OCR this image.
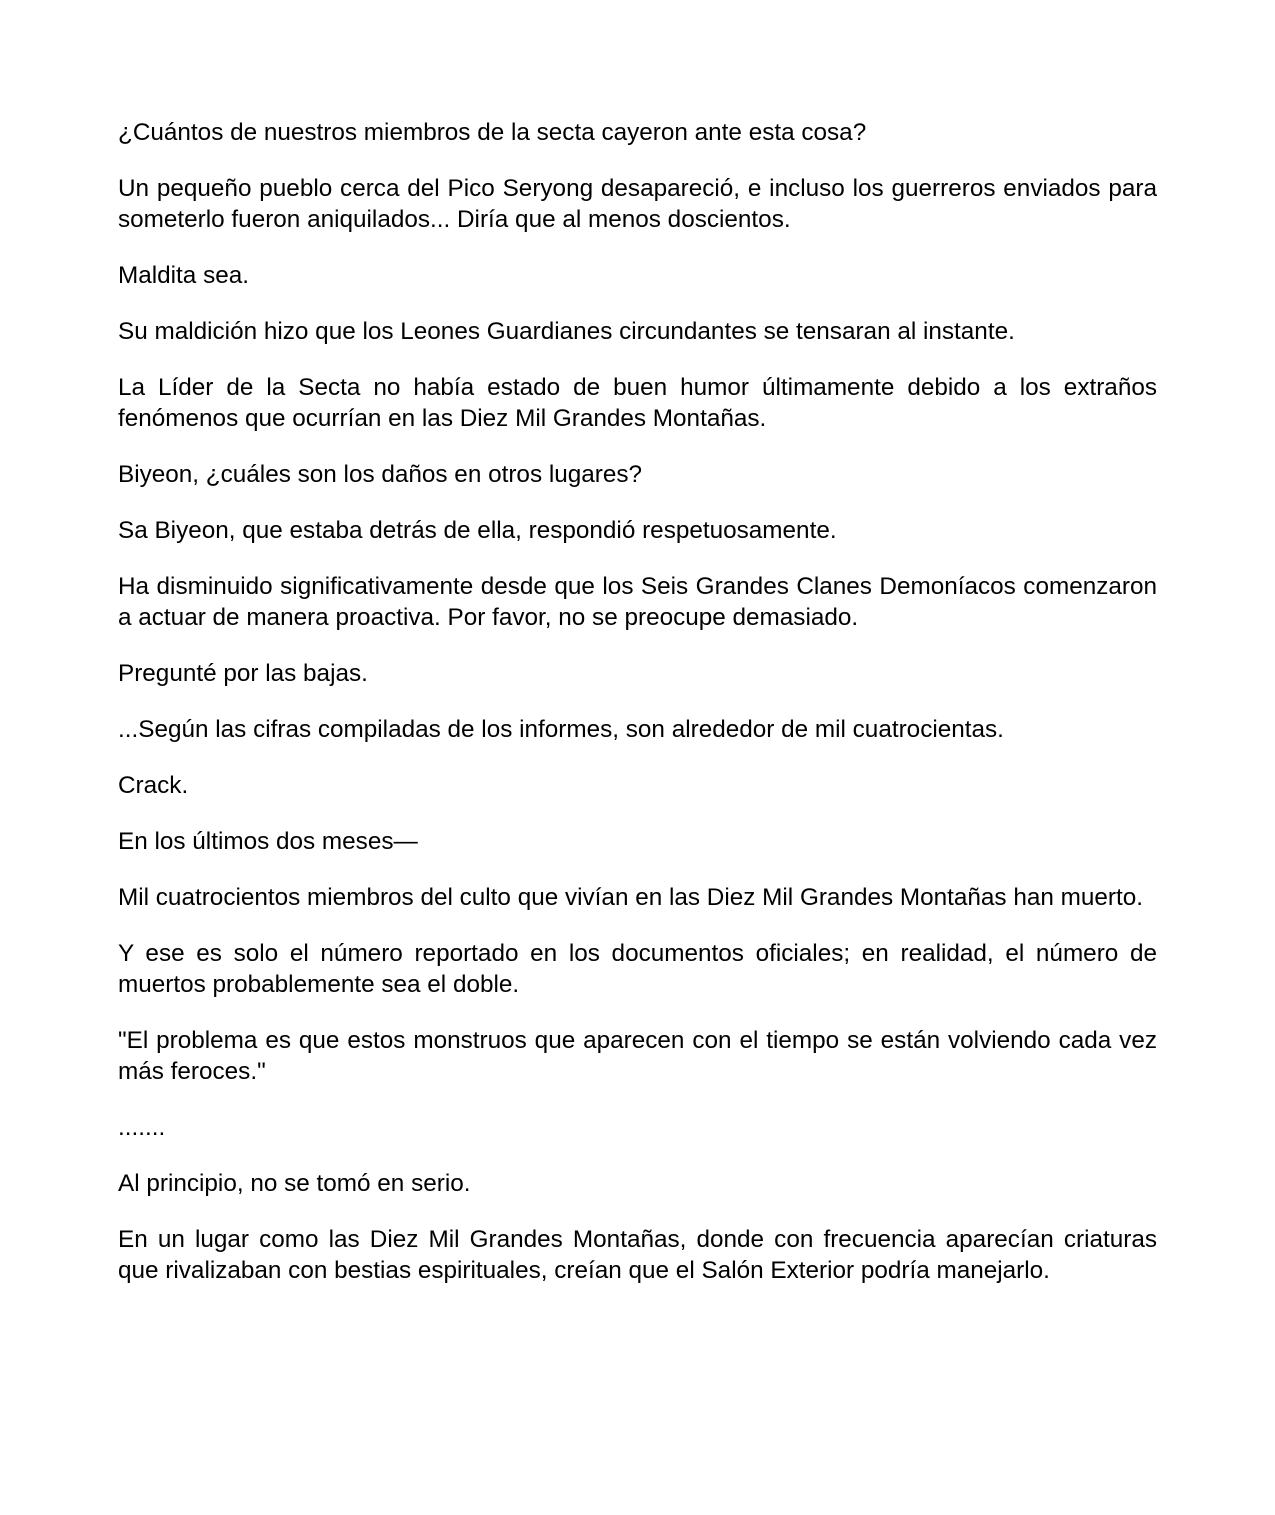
¿Cuántos de nuestros miembros de la secta cayeron ante esta cosa?

Un pequeño pueblo cerca del Pico Seryong desapareció, e incluso los guerreros enviados para someterlo fueron aniquilados... Diría que al menos doscientos.

Maldita sea.

Su maldición hizo que los Leones Guardianes circundantes se tensaran al instante.

La Líder de la Secta no había estado de buen humor últimamente debido a los extraños fenómenos que ocurrían en las Diez Mil Grandes Montañas.

Biyeon, ¿cuáles son los daños en otros lugares?

Sa Biyeon, que estaba detrás de ella, respondió respetuosamente.

Ha disminuido significativamente desde que los Seis Grandes Clanes Demoníacos comenzaron a actuar de manera proactiva. Por favor, no se preocupe demasiado.

Pregunté por las bajas.

...Según las cifras compiladas de los informes, son alrededor de mil cuatrocientas.

Crack.

En los últimos dos meses—

Mil cuatrocientos miembros del culto que vivían en las Diez Mil Grandes Montañas han muerto.

Y ese es solo el número reportado en los documentos oficiales; en realidad, el número de muertos probablemente sea el doble.

"El problema es que estos monstruos que aparecen con el tiempo se están volviendo cada vez más feroces."

.......

Al principio, no se tomó en serio.

En un lugar como las Diez Mil Grandes Montañas, donde con frecuencia aparecían criaturas que rivalizaban con bestias espirituales, creían que el Salón Exterior podría manejarlo.
